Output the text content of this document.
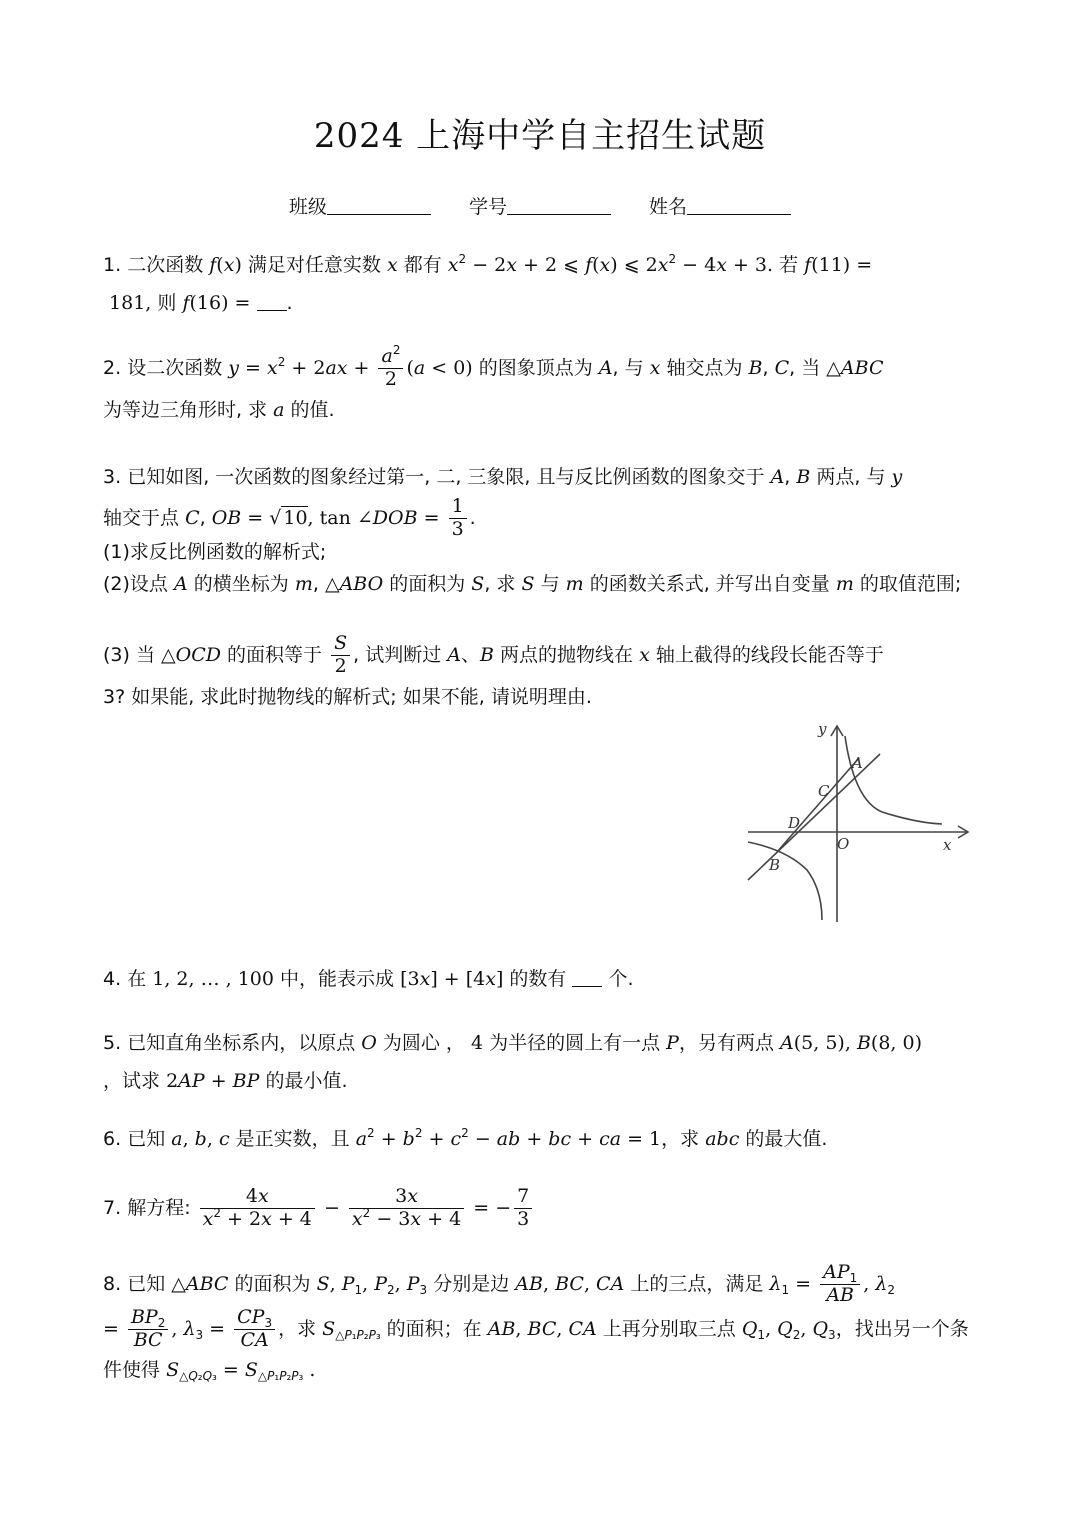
2024 上海中学自主招生试题
班级	学号	姓名
1. 二次函数 f(x) 满足对任意实数 x 都有 $x^2 - 2x + 2$ ⩽ f(x) ⩽ $2x^2 - 4x + 3$. 若 f(11) =
181, 则 f(16) = .
2. 设二次函数 $y = x^2 + 2ax + \frac{a^2}{2} (a < 0)$ 的图象顶点为 A, 与 x 轴交点为 B, C, 当 △ABC
为等边三角形时, 求 a 的值.
3. 已知如图, 一次函数的图象经过第一, 二, 三象限, 且与反比例函数的图象交于 A, B 两点, 与 y
轴交于点 C, OB = √ 10, tan ∠DOB = $\frac{1}{3}$ .
(1)求反比例函数的解析式;
(2)设点 A 的横坐标为 m, △ABO 的面积为 S, 求 S 与 m 的函数关系式, 并写出自变量 m 的取值范围;
(3) 当 △OCD 的面积等于 $\frac{S}{2}$ , 试判断过 A、B 两点的抛物线在 x 轴上截得的线段长能否等于
3? 如果能, 求此时抛物线的解析式; 如果不能, 请说明理由.
y
x
A
B
C
D
O
4. 在 1, 2, … , 100 中，能表示成 [3x] + [4x] 的数有 个.
5. 已知直角坐标系内，以原点 O 为圆心 ， 4 为半径的圆上有一点 P，另有两点 A(5, 5), B(8, 0)
，试求 2AP + BP 的最小值.
6. 已知 a, b, c 是正实数，且 $a^2 + b^2 + c^2$ − ab + bc + ca = 1，求 abc 的最大值.
7. 解方程: $\frac{4x}{x^2 + 2x + 4} - \frac{3x}{x^2 - 3x + 4}$ = − $\frac{7}{3}$
8. 已知 △ABC 的面积为 S, $P_1$, $P_2$, $P_3$ 分别是边 AB, BC, CA 上的三点，满足 $\lambda_1 = \frac{AP_1}{AB}$ , $\lambda_2$
= $\frac{BP_2}{BC}$ , $\lambda_3 = \frac{CP_3}{CA}$ ，求 $S_{\triangle P_1P_2P_3}$ 的面积；在 AB, BC, CA 上再分别取三点 $Q_1$, $Q_2$, $Q_3$，找出另一个条件使得 $S_{\triangle Q_2Q_3} = S_{\triangle P_1P_2P_3}$ .
